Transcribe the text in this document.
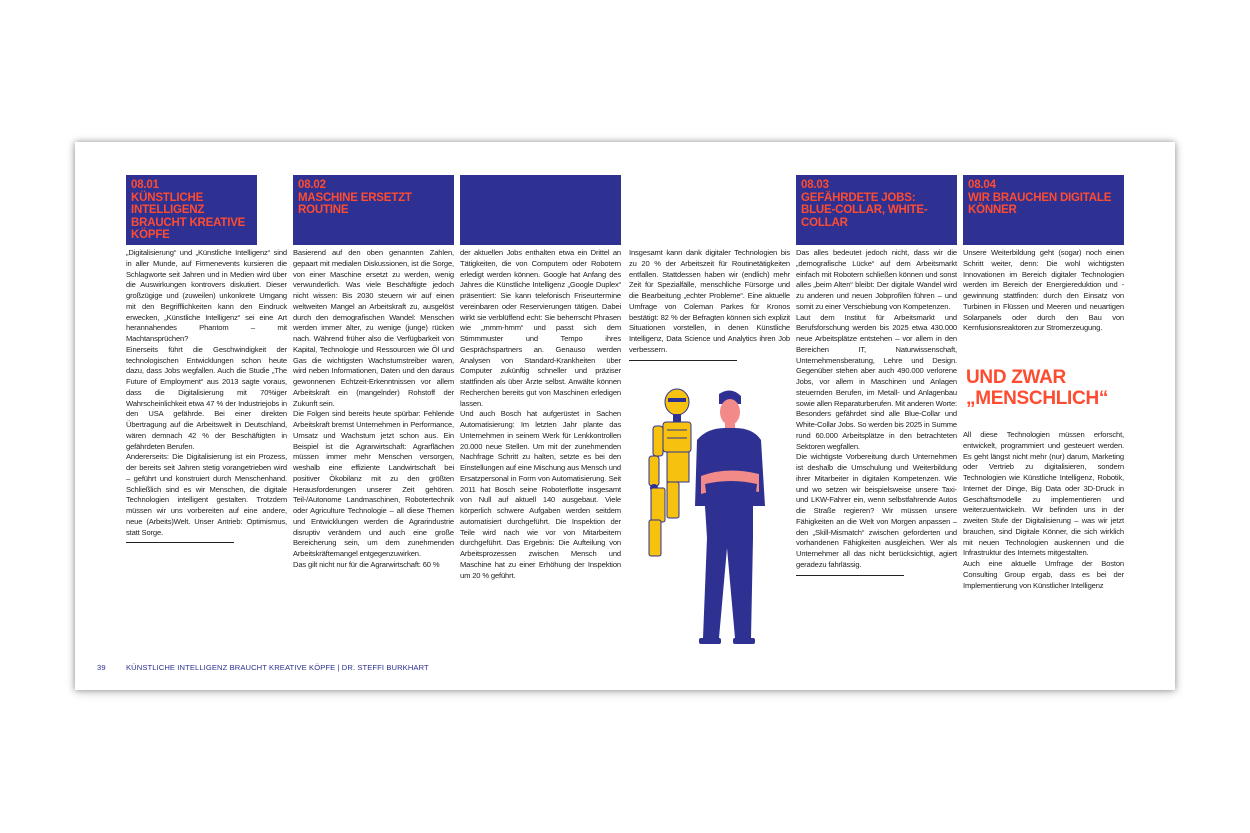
08.01
KÜNSTLICHE INTELLIGENZ BRAUCHT KREATIVE KÖPFE
08.02
MASCHINE ERSETZT ROUTINE
08.03
GEFÄHRDETE JOBS: BLUE-COLLAR, WHITE-COLLAR
08.04
WIR BRAUCHEN DIGITALE KÖNNER

„Digitalisierung“ und „Künstliche Intelligenz“ sind in aller Munde, auf Firmenevents kursieren die Schlagworte seit Jahren und in Medien wird über die Auswirkungen kontrovers diskutiert. Dieser großzügige und (zuweilen) unkonkrete Umgang mit den Begrifflichkeiten kann den Eindruck erwecken, „Künstliche Intelligenz“ sei eine Art herannahendes Phantom – mit Machtansprüchen?
Einerseits führt die Geschwindigkeit der technologischen Entwicklungen schon heute dazu, dass Jobs wegfallen. Auch die Studie „The Future of Employment“ aus 2013 sagte voraus, dass die Digitalisierung mit 70%iger Wahrscheinlichkeit etwa 47 % der Industriejobs in den USA gefährde. Bei einer direkten Übertragung auf die Arbeitswelt in Deutschland, wären demnach 42 % der Beschäftigten in gefährdeten Berufen.
Andererseits: Die Digitalisierung ist ein Prozess, der bereits seit Jahren stetig vorangetrieben wird – geführt und konstruiert durch Menschenhand. Schließlich sind es wir Menschen, die digitale Technologien intelligent gestalten. Trotzdem müssen wir uns vorbereiten auf eine andere, neue (Arbeits)Welt. Unser Antrieb: Optimismus, statt Sorge.

Basierend auf den oben genannten Zahlen, gepaart mit medialen Diskussionen, ist die Sorge, von einer Maschine ersetzt zu werden, wenig verwunderlich. Was viele Beschäftigte jedoch nicht wissen: Bis 2030 steuern wir auf einen weltweiten Mangel an Arbeitskraft zu, ausgelöst durch den demografischen Wandel: Menschen werden immer älter, zu wenige (junge) rücken nach. Während früher also die Verfügbarkeit von Kapital, Technologie und Ressourcen wie Öl und Gas die wichtigsten Wachstumstreiber waren, wird neben Informationen, Daten und den daraus gewonnenen Echtzeit-Erkenntnissen vor allem Arbeitskraft ein (mangelnder) Rohstoff der Zukunft sein.
Die Folgen sind bereits heute spürbar: Fehlende Arbeitskraft bremst Unternehmen in Performance, Umsatz und Wachstum jetzt schon aus. Ein Beispiel ist die Agrarwirtschaft: Agrarflächen müssen immer mehr Menschen versorgen, weshalb eine effiziente Landwirtschaft bei positiver Ökobilanz mit zu den größten Herausforderungen unserer Zeit gehören. Teil-/Autonome Landmaschinen, Robotertechnik oder Agriculture Technologie – all diese Themen und Entwicklungen werden die Agrarindustrie disruptiv verändern und auch eine große Bereicherung sein, um dem zunehmenden Arbeitskräftemangel entgegenzuwirken.
Das gilt nicht nur für die Agrarwirtschaft: 60 %

der aktuellen Jobs enthalten etwa ein Drittel an Tätigkeiten, die von Computern oder Robotern erledigt werden können. Google hat Anfang des Jahres die Künstliche Intelligenz „Google Duplex“ präsentiert: Sie kann telefonisch Friseurtermine vereinbaren oder Reservierungen tätigen. Dabei wirkt sie verblüffend echt: Sie beherrscht Phrasen wie „mmm-hmm“ und passt sich dem Stimmmuster und Tempo ihres Gesprächspartners an. Genauso werden Analysen von Standard-Krankheiten über Computer zukünftig schneller und präziser stattfinden als über Ärzte selbst. Anwälte können Recherchen bereits gut von Maschinen erledigen lassen.
Und auch Bosch hat aufgerüstet in Sachen Automatisierung: Im letzten Jahr plante das Unternehmen in seinem Werk für Lenkkontrollen 20.000 neue Stellen. Um mit der zunehmenden Nachfrage Schritt zu halten, setzte es bei den Einstellungen auf eine Mischung aus Mensch und Ersatzpersonal in Form von Automatisierung. Seit 2011 hat Bosch seine Roboterflotte insgesamt von Null auf aktuell 140 ausgebaut. Viele körperlich schwere Aufgaben werden seitdem automatisiert durchgeführt. Die Inspektion der Teile wird nach wie vor von Mitarbeitern durchgeführt. Das Ergebnis: Die Aufteilung von Arbeitsprozessen zwischen Mensch und Maschine hat zu einer Erhöhung der Inspektion um 20 % geführt.

Insgesamt kann dank digitaler Technologien bis zu 20 % der Arbeitszeit für Routinetätigkeiten entfallen. Stattdessen haben wir (endlich) mehr Zeit für Spezialfälle, menschliche Fürsorge und die Bearbeitung „echter Probleme“. Eine aktuelle Umfrage von Coleman Parkes für Kronos bestätigt: 82 % der Befragten können sich explizit Situationen vorstellen, in denen Künstliche Intelligenz, Data Science und Analytics ihren Job verbessern.

Das alles bedeutet jedoch nicht, dass wir die „demografische Lücke“ auf dem Arbeitsmarkt einfach mit Robotern schließen können und sonst alles „beim Alten“ bleibt: Der digitale Wandel wird zu anderen und neuen Jobprofilen führen – und somit zu einer Verschiebung von Kompetenzen.
Laut dem Institut für Arbeitsmarkt und Berufsforschung werden bis 2025 etwa 430.000 neue Arbeitsplätze entstehen – vor allem in den Bereichen IT, Naturwissenschaft, Unternehmensberatung, Lehre und Design. Gegenüber stehen aber auch 490.000 verlorene Jobs, vor allem in Maschinen und Anlagen steuernden Berufen, im Metall- und Anlagenbau sowie allen Reparaturberufen. Mit anderen Worte: Besonders gefährdet sind alle Blue-Collar und White-Collar Jobs. So werden bis 2025 in Summe rund 60.000 Arbeitsplätze in den betrachteten Sektoren wegfallen.
Die wichtigste Vorbereitung durch Unternehmen ist deshalb die Umschulung und Weiterbildung ihrer Mitarbeiter in digitalen Kompetenzen. Wie und wo setzen wir beispielsweise unsere Taxi- und LKW-Fahrer ein, wenn selbstfahrende Autos die Straße regieren? Wir müssen unsere Fähigkeiten an die Welt von Morgen anpassen – den „Skill-Mismatch“ zwischen geforderten und vorhandenen Fähigkeiten ausgleichen. Wer als Unternehmer all das nicht berücksichtigt, agiert geradezu fahrlässig.

Unsere Weiterbildung geht (sogar) noch einen Schritt weiter, denn: Die wohl wichtigsten Innovationen im Bereich digitaler Technologien werden im Bereich der Energiereduktion und -gewinnung stattfinden: durch den Einsatz von Turbinen in Flüssen und Meeren und neuartigen Solarpanels oder durch den Bau von Kernfusionsreaktoren zur Stromerzeugung.

UND ZWAR
„MENSCHLICH“

All diese Technologien müssen erforscht, entwickelt, programmiert und gesteuert werden. Es geht längst nicht mehr (nur) darum, Marketing oder Vertrieb zu digitalisieren, sondern Technologien wie Künstliche Intelligenz, Robotik, Internet der Dinge, Big Data oder 3D-Druck in Geschäftsmodelle zu implementieren und weiterzuentwickeln. Wir befinden uns in der zweiten Stufe der Digitalisierung – was wir jetzt brauchen, sind Digitale Könner, die sich wirklich mit neuen Technologien auskennen und die Infrastruktur des Internets mitgestalten.
Auch eine aktuelle Umfrage der Boston Consulting Group ergab, dass es bei der Implementierung von Künstlicher Intelligenz

39	KÜNSTLICHE INTELLIGENZ BRAUCHT KREATIVE KÖPFE | DR. STEFFI BURKHART
